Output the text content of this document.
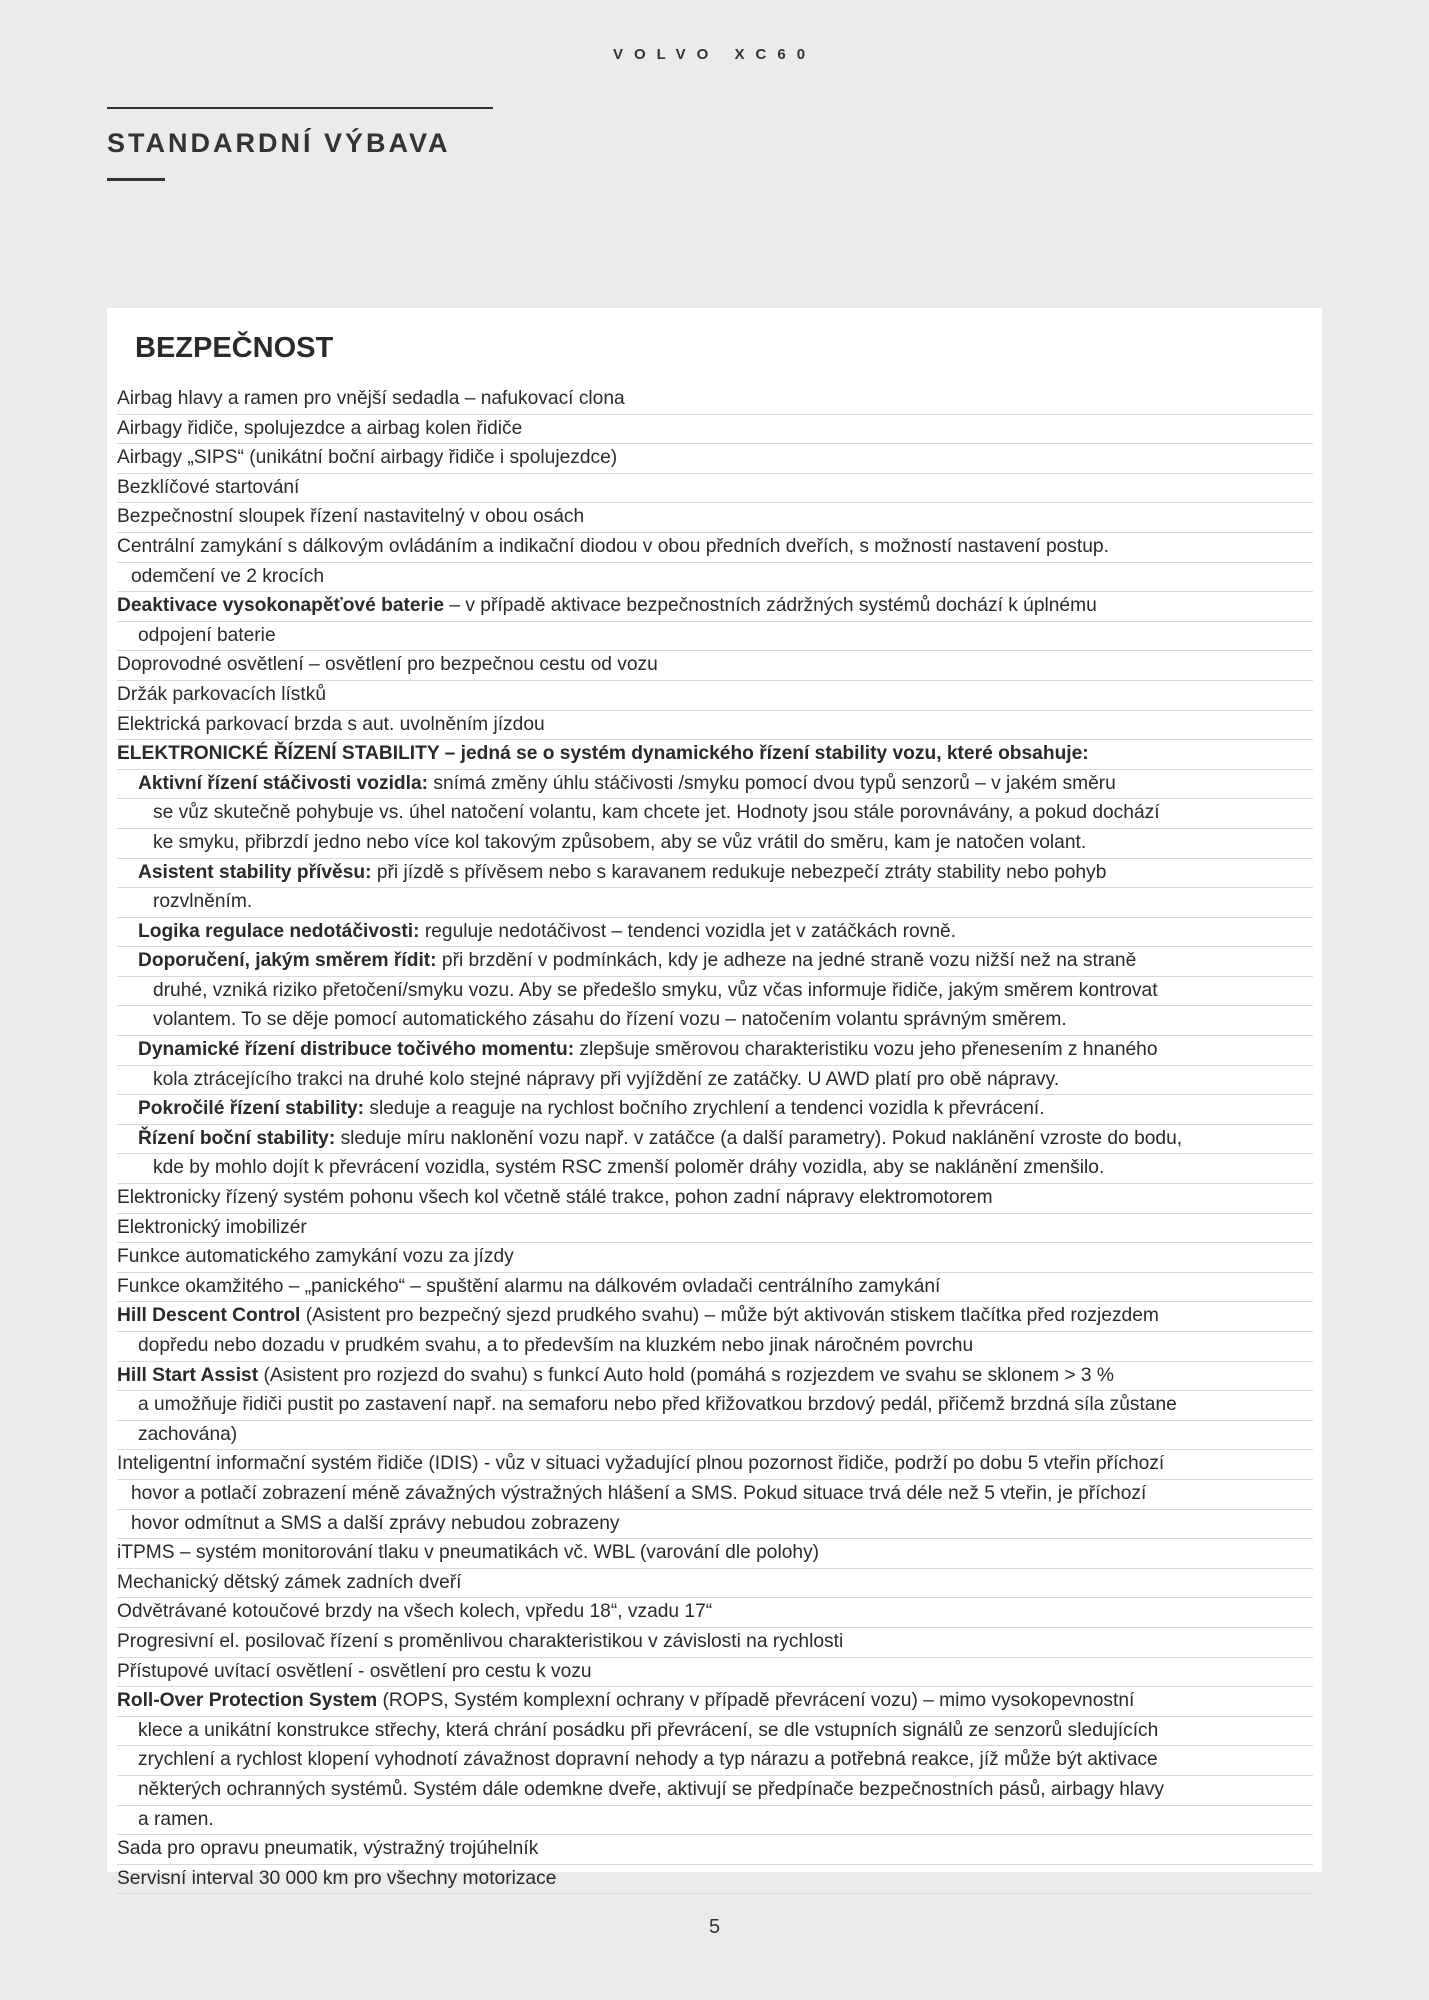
VOLVO XC60
STANDARDNÍ VÝBAVA
BEZPEČNOST
Airbag hlavy a ramen pro vnější sedadla – nafukovací clona
Airbagy řidiče, spolujezdce a airbag kolen řidiče
Airbagy „SIPS“ (unikátní boční airbagy řidiče i spolujezdce)
Bezklíčové startování
Bezpečnostní sloupek řízení nastavitelný v obou osách
Centrální zamykání s dálkovým ovládáním a indikační diodou v obou předních dveřích, s možností nastavení postup.
odemčení ve 2 krocích
Deaktivace vysokonapěťové baterie – v případě aktivace bezpečnostních zádržných systémů dochází k úplnému
odpojení baterie
Doprovodné osvětlení – osvětlení pro bezpečnou cestu od vozu
Držák parkovacích lístků
Elektrická parkovací brzda s aut. uvolněním jízdou
ELEKTRONICKÉ ŘÍZENÍ STABILITY – jedná se o systém dynamického řízení stability vozu, které obsahuje:
Aktivní řízení stáčivosti vozidla: snímá změny úhlu stáčivosti /smyku pomocí dvou typů senzorů – v jakém směru
se vůz skutečně pohybuje vs. úhel natočení volantu, kam chcete jet. Hodnoty jsou stále porovnávány, a pokud dochází
ke smyku, přibrzdí jedno nebo více kol takovým způsobem, aby se vůz vrátil do směru, kam je natočen volant.
Asistent stability přívěsu: při jízdě s přívěsem nebo s karavanem redukuje nebezpečí ztráty stability nebo pohyb
rozvlněním.
Logika regulace nedotáčivosti: reguluje nedotáčivost – tendenci vozidla jet v zatáčkách rovně.
Doporučení, jakým směrem řídit: při brzdění v podmínkách, kdy je adheze na jedné straně vozu nižší než na straně
druhé, vzniká riziko přetočení/smyku vozu. Aby se předešlo smyku, vůz včas informuje řidiče, jakým směrem kontrovat
volantem. To se děje pomocí automatického zásahu do řízení vozu – natočením volantu správným směrem.
Dynamické řízení distribuce točivého momentu: zlepšuje směrovou charakteristiku vozu jeho přenesením z hnaného
kola ztrácejícího trakci na druhé kolo stejné nápravy při vyjíždění ze zatáčky. U AWD platí pro obě nápravy.
Pokročilé řízení stability: sleduje a reaguje na rychlost bočního zrychlení a tendenci vozidla k převrácení.
Řízení boční stability: sleduje míru naklonění vozu např. v zatáčce (a další parametry). Pokud naklánění vzroste do bodu,
kde by mohlo dojít k převrácení vozidla, systém RSC zmenší poloměr dráhy vozidla, aby se naklánění zmenšilo.
Elektronicky řízený systém pohonu všech kol včetně stálé trakce, pohon zadní nápravy elektromotorem
Elektronický imobilizér
Funkce automatického zamykání vozu za jízdy
Funkce okamžitého – „panického“ – spuštění alarmu na dálkovém ovladači centrálního zamykání
Hill Descent Control (Asistent pro bezpečný sjezd prudkého svahu) – může být aktivován stiskem tlačítka před rozjezdem
dopředu nebo dozadu v prudkém svahu, a to především na kluzkém nebo jinak náročném povrchu
Hill Start Assist (Asistent pro rozjezd do svahu) s funkcí Auto hold (pomáhá s rozjezdem ve svahu se sklonem > 3 %
a umožňuje řidiči pustit po zastavení např. na semaforu nebo před křižovatkou brzdový pedál, přičemž brzdná síla zůstane
zachována)
Inteligentní informační systém řidiče (IDIS) - vůz v situaci vyžadující plnou pozornost řidiče, podrží po dobu 5 vteřin příchozí
hovor a potlačí zobrazení méně závažných výstražných hlášení a SMS. Pokud situace trvá déle než 5 vteřin, je příchozí
hovor odmítnut a SMS a další zprávy nebudou zobrazeny
iTPMS – systém monitorování tlaku v pneumatikách vč. WBL (varování dle polohy)
Mechanický dětský zámek zadních dveří
Odvětrávané kotoučové brzdy na všech kolech, vpředu 18“, vzadu 17“
Progresivní el. posilovač řízení s proměnlivou charakteristikou v závislosti na rychlosti
Přístupové uvítací osvětlení - osvětlení pro cestu k vozu
Roll-Over Protection System (ROPS, Systém komplexní ochrany v případě převrácení vozu) – mimo vysokopevnostní
klece a unikátní konstrukce střechy, která chrání posádku při převrácení, se dle vstupních signálů ze senzorů sledujících
zrychlení a rychlost klopení vyhodnotí závažnost dopravní nehody a typ nárazu a potřebná reakce, jíž může být aktivace
některých ochranných systémů. Systém dále odemkne dveře, aktivují se předpínače bezpečnostních pásů, airbagy hlavy
a ramen.
Sada pro opravu pneumatik, výstražný trojúhelník
Servisní interval 30 000 km pro všechny motorizace
5
